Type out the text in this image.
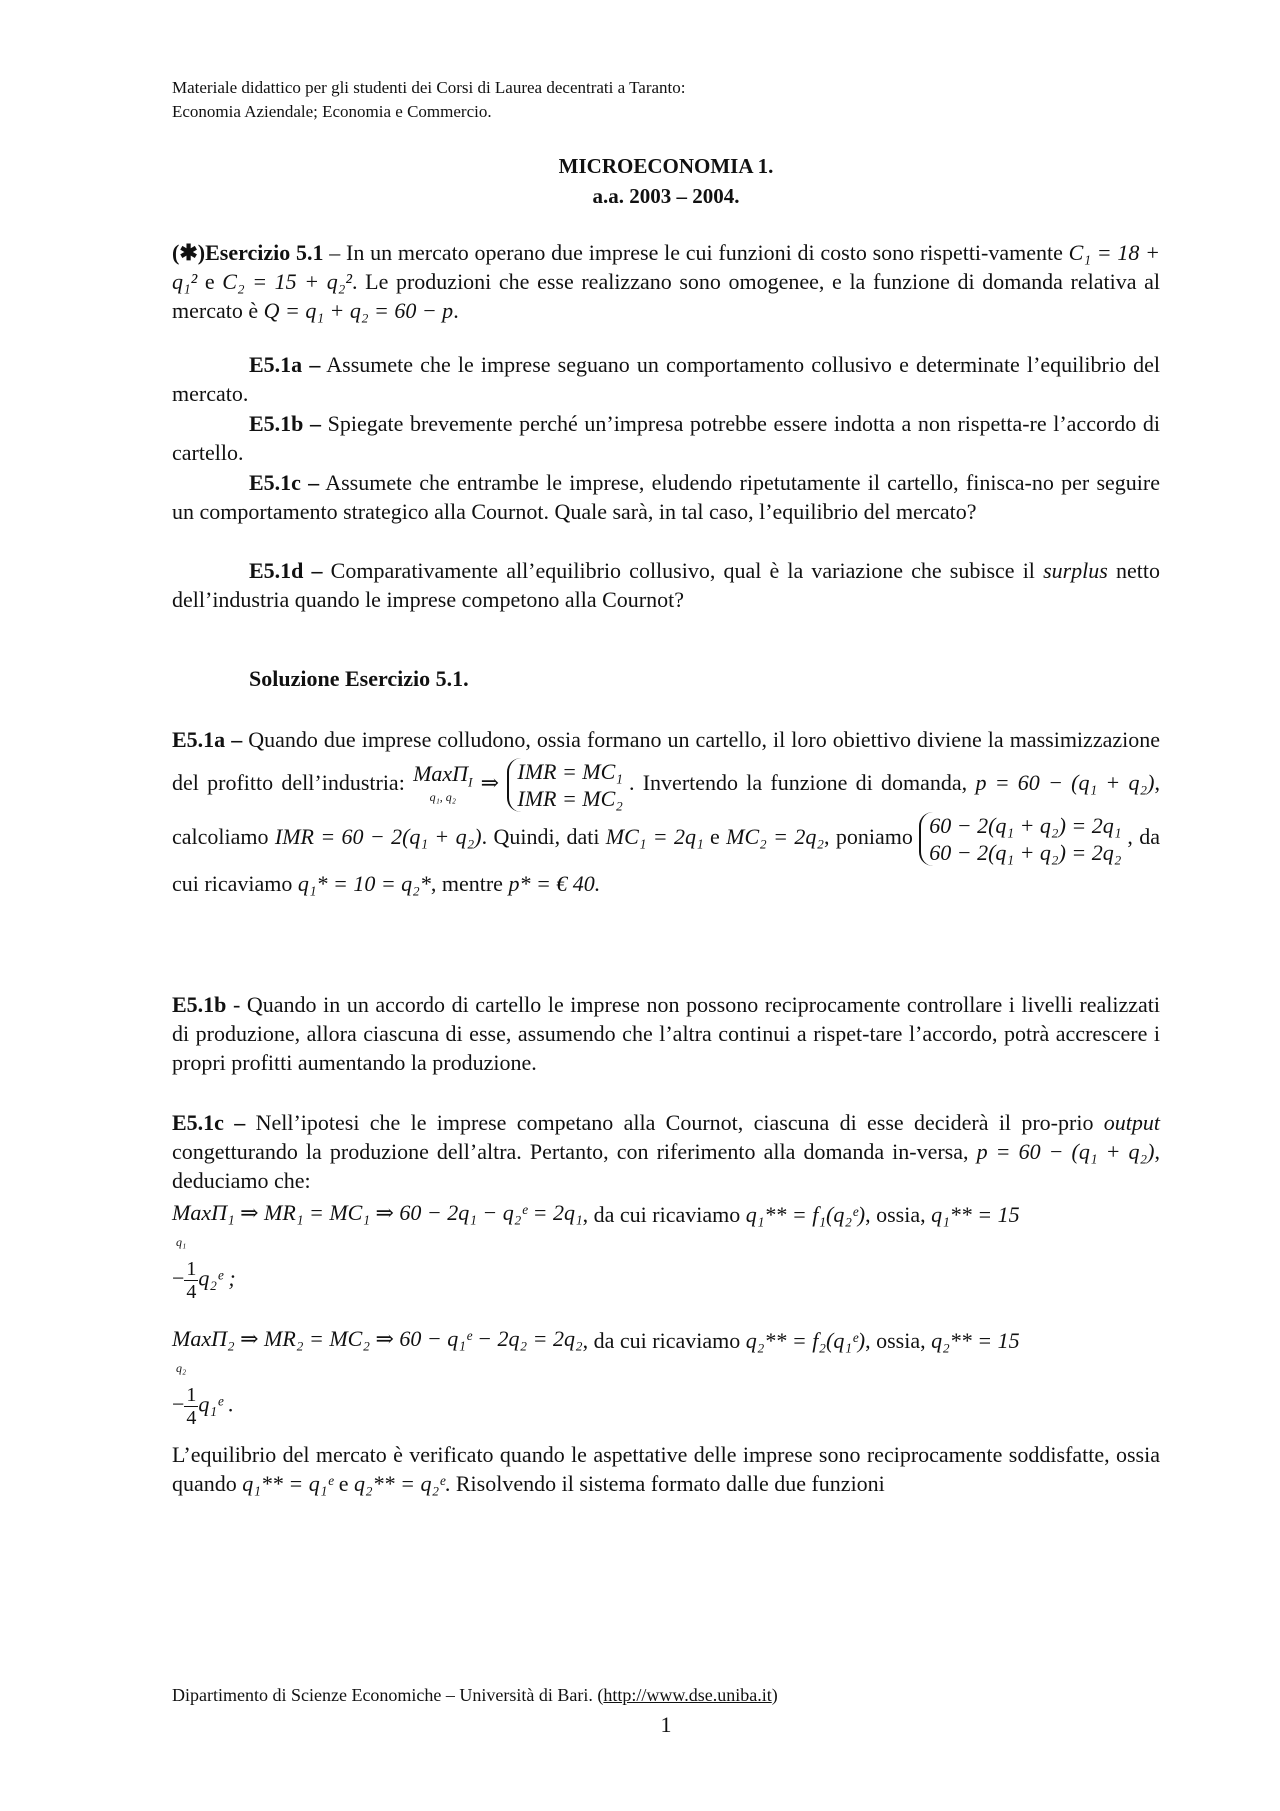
Materiale didattico per gli studenti dei Corsi di Laurea decentrati a Taranto:
Economia Aziendale; Economia e Commercio.
MICROECONOMIA 1.
a.a. 2003 – 2004.
(✱)Esercizio 5.1 – In un mercato operano due imprese le cui funzioni di costo sono rispetti-vamente C₁ = 18 + q₁² e C₂ = 15 + q₂². Le produzioni che esse realizzano sono omogenee, e la funzione di domanda relativa al mercato è Q = q₁ + q₂ = 60 − p.
E5.1a – Assumete che le imprese seguano un comportamento collusivo e determinate l’equilibrio del mercato.
E5.1b – Spiegate brevemente perché un’impresa potrebbe essere indotta a non rispetta-re l’accordo di cartello.
E5.1c – Assumete che entrambe le imprese, eludendo ripetutamente il cartello, finisca-no per seguire un comportamento strategico alla Cournot. Quale sarà, in tal caso, l’equilibrio del mercato?
E5.1d – Comparativamente all’equilibrio collusivo, qual è la variazione che subisce il surplus netto dell’industria quando le imprese competono alla Cournot?
Soluzione Esercizio 5.1.
E5.1a – Quando due imprese colludono, ossia formano un cartello, il loro obiettivo diviene la massimizzazione del profitto dell’industria: MaxΠ$_I$
q₁, q₂ ⇒ IMR = MC₁
IMR = MC₂. Invertendo la funzione di domanda, p = 60 − (q₁ + q₂), calcoliamo IMR = 60 − 2(q₁ + q₂). Quindi, dati MC₁ = 2q₁ e MC₂ = 2q₂, poniamo 60 − 2(q₁ + q₂) = 2q₁
60 − 2(q₁ + q₂) = 2q₂, da cui ricaviamo q₁* = 10 = q₂*, mentre p* = € 40.
E5.1b - Quando in un accordo di cartello le imprese non possono reciprocamente controllare i livelli realizzati di produzione, allora ciascuna di esse, assumendo che l’altra continui a rispet-tare l’accordo, potrà accrescere i propri profitti aumentando la produzione.
E5.1c – Nell’ipotesi che le imprese competano alla Cournot, ciascuna di esse deciderà il pro-prio output congetturando la produzione dell’altra. Pertanto, con riferimento alla domanda in-versa, p = 60 − (q₁ + q₂), deduciamo che:
MaxΠ₁ ⇒ MR₁ = MC₁ ⇒ 60 − 2q₁ − q₂ᵉ = 2q₁
q₁, da cui ricaviamo q₁** = f₁(q₂ᵉ), ossia, q₁** = 15
− $\frac{1}{4}$ q₂ᵉ ;
MaxΠ₂ ⇒ MR₂ = MC₂ ⇒ 60 − q₁ᵉ − 2q₂ = 2q₂
q₂, da cui ricaviamo q₂** = f₂(q₁ᵉ), ossia, q₂** = 15
− $\frac{1}{4}$ q₁ᵉ .
L’equilibrio del mercato è verificato quando le aspettative delle imprese sono reciprocamente soddisfatte, ossia quando q₁** = q₁ᵉ e q₂** = q₂ᵉ. Risolvendo il sistema formato dalle due funzioni
Dipartimento di Scienze Economiche – Università di Bari. (http://www.dse.uniba.it)
1
